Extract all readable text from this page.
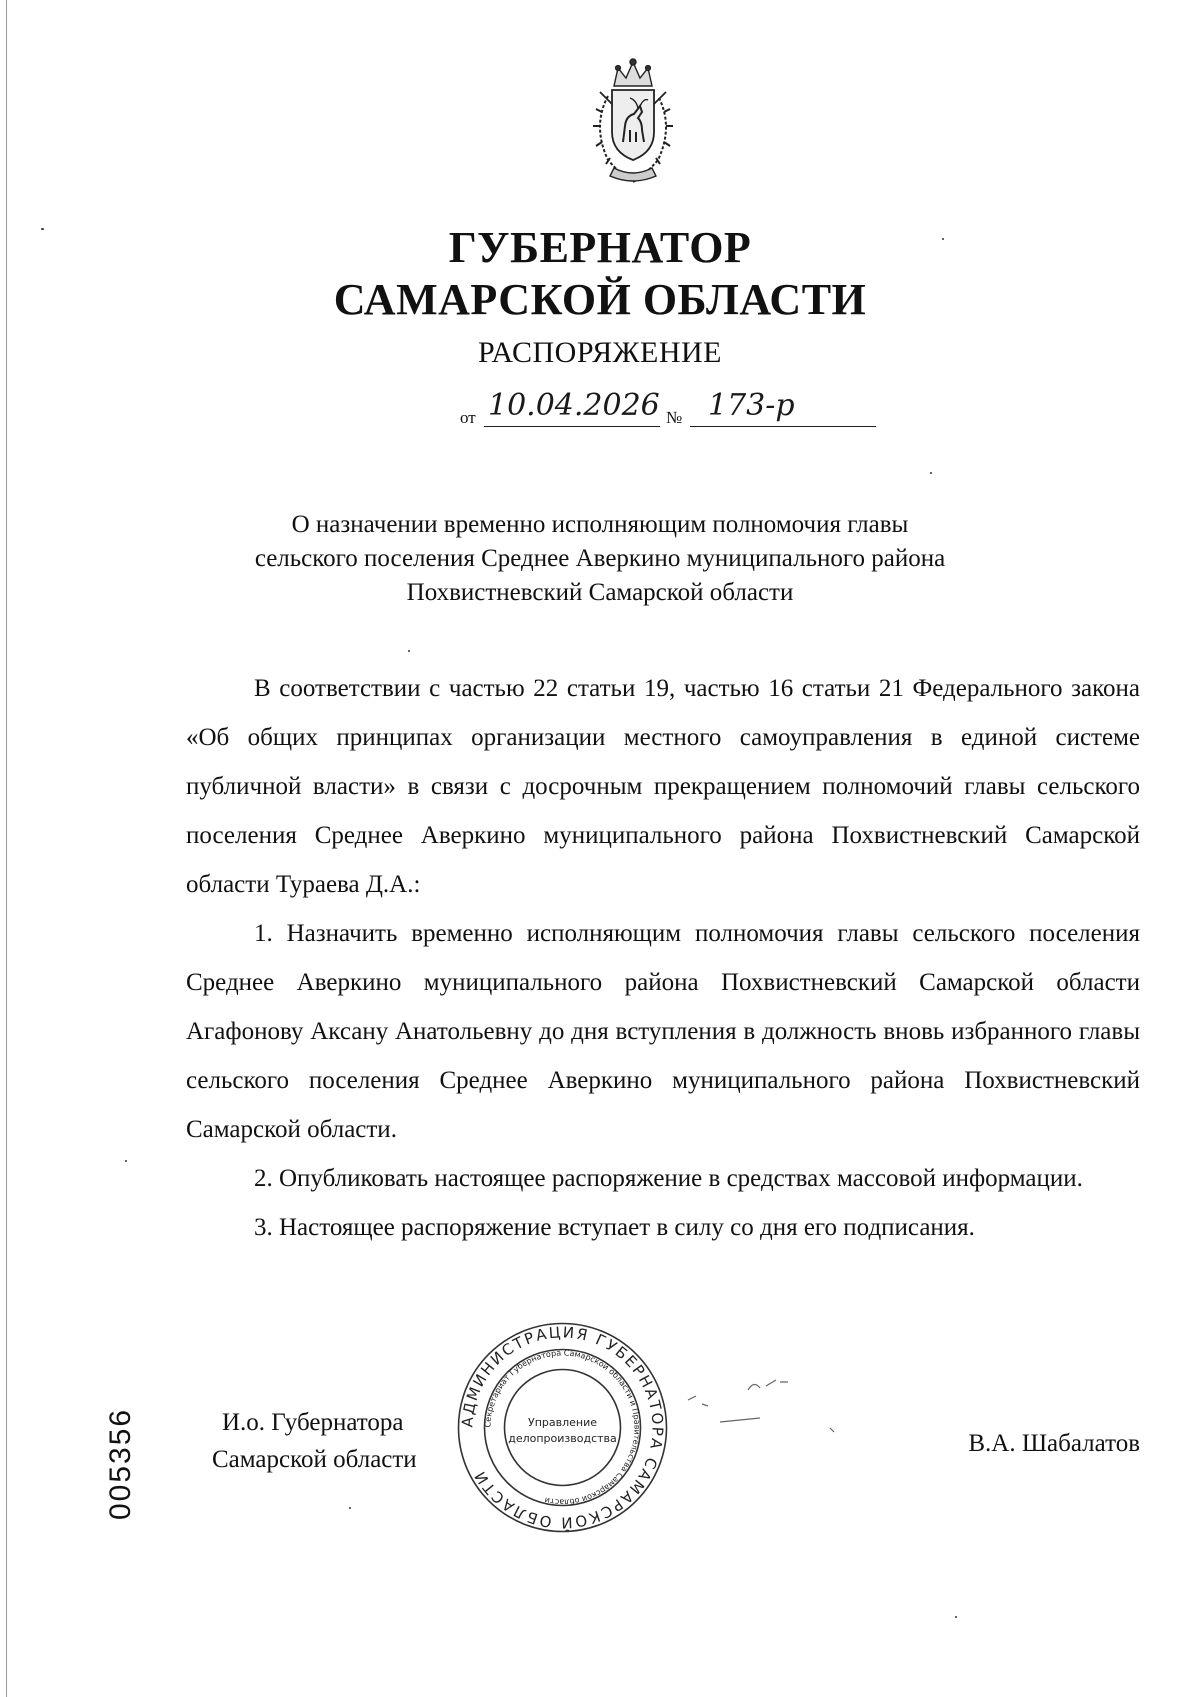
ГУБЕРНАТОР
САМАРСКОЙ ОБЛАСТИ
РАСПОРЯЖЕНИЕ
от 10.04.2026 № 173-р
О назначении временно исполняющим полномочия главы
сельского поселения Среднее Аверкино муниципального района
Похвистневский Самарской области

В соответствии с частью 22 статьи 19, частью 16 статьи 21 Федерального закона «Об общих принципах организации местного самоуправления в единой системе публичной власти» в связи с досрочным прекращением полномочий главы сельского поселения Среднее Аверкино муниципального района Похвистневский Самарской области Тураева Д.А.:

1. Назначить временно исполняющим полномочия главы сельского поселения Среднее Аверкино муниципального района Похвистневский Самарской области Агафонову Аксану Анатольевну до дня вступления в должность вновь избранного главы сельского поселения Среднее Аверкино муниципального района Похвистневский Самарской области.

2. Опубликовать настоящее распоряжение в средствах массовой информации.

3. Настоящее распоряжение вступает в силу со дня его подписания.

И.о. Губернатора
Самарской области
В.А. Шабалатов
АДМИНИСТРАЦИЯ ГУБЕРНАТОРА САМАРСКОЙ ОБЛАСТИ
Секретариат Губернатора Самарской области и Правительства Самарской области
Управление
делопроизводства
005356
